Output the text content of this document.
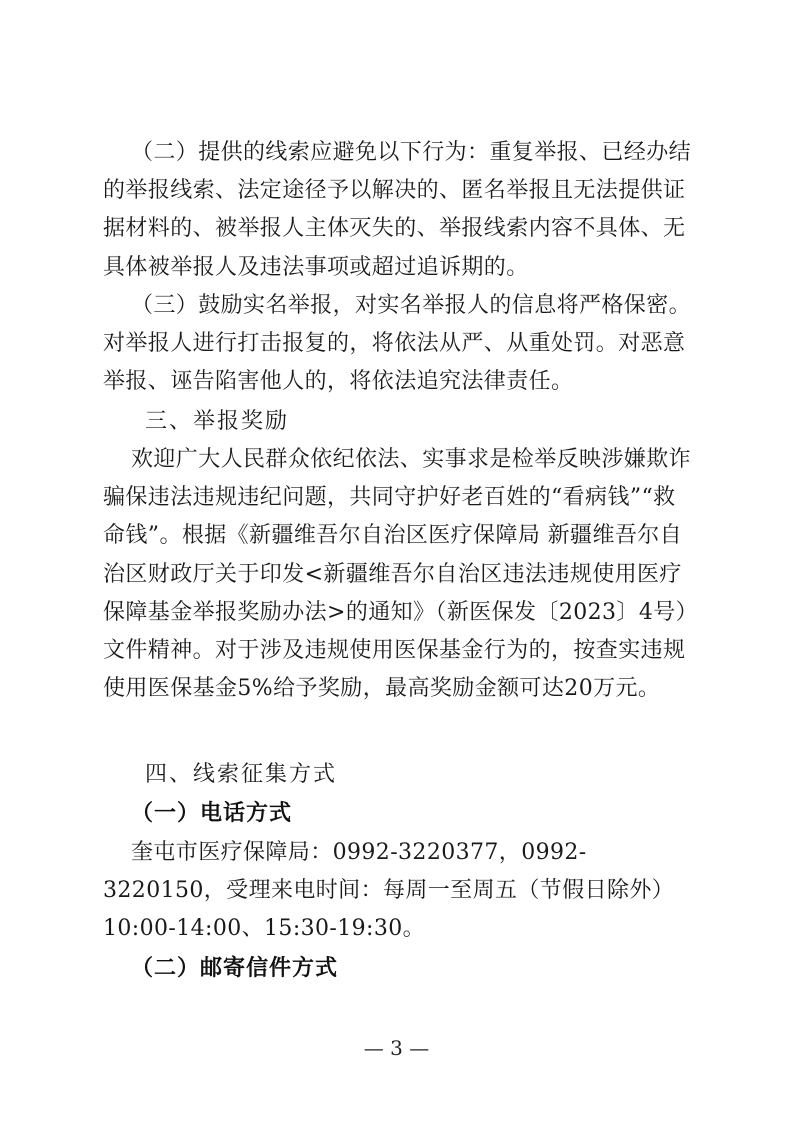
（二）提供的线索应避免以下行为：重复举报、已经办结的举报线索、法定途径予以解决的、匿名举报且无法提供证据材料的、被举报人主体灭失的、举报线索内容不具体、无具体被举报人及违法事项或超过追诉期的。

（三）鼓励实名举报，对实名举报人的信息将严格保密。对举报人进行打击报复的，将依法从严、从重处罚。对恶意举报、诬告陷害他人的，将依法追究法律责任。

三、举报奖励

欢迎广大人民群众依纪依法、实事求是检举反映涉嫌欺诈骗保违法违规违纪问题，共同守护好老百姓的“看病钱”“救命钱”。根据《新疆维吾尔自治区医疗保障局 新疆维吾尔自治区财政厅关于印发<新疆维吾尔自治区违法违规使用医疗保障基金举报奖励办法>的通知》（新医保发〔2023〕4号）文件精神。对于涉及违规使用医保基金行为的，按查实违规使用医保基金5%给予奖励，最高奖励金额可达20万元。

四、线索征集方式

（一）电话方式

奎屯市医疗保障局：0992-3220377，0992-3220150，受理来电时间：每周一至周五（节假日除外）10:00-14:00、15:30-19:30。

（二）邮寄信件方式

— 3 —
